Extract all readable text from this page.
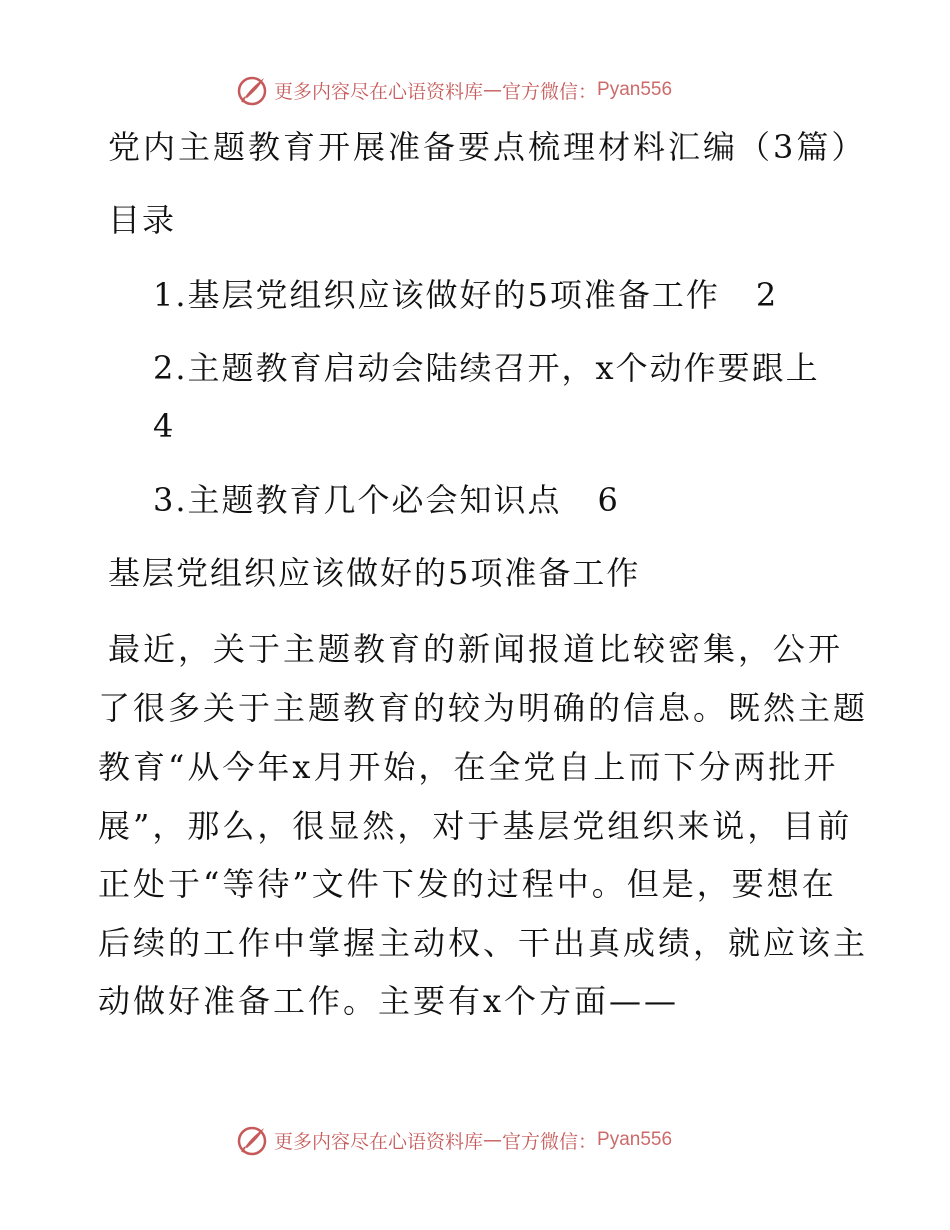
更多内容尽在心语资料库 — 官方微信： Pyan556
党内主题教育开展准备要点梳理材料汇编（3篇）
目录
1.基层党组织应该做好的5项准备工作 2
2.主题教育启动会陆续召开，x个动作要跟上
4
3.主题教育几个必会知识点 6
基层党组织应该做好的5项准备工作
最近，关于主题教育的新闻报道比较密集，公开
了很多关于主题教育的较为明确的信息。既然主题
教育“从今年x月开始，在全党自上而下分两批开
展”，那么，很显然，对于基层党组织来说，目前
正处于“等待”文件下发的过程中。但是，要想在
后续的工作中掌握主动权、干出真成绩，就应该主
动做好准备工作。主要有x个方面——
更多内容尽在心语资料库 — 官方微信： Pyan556
